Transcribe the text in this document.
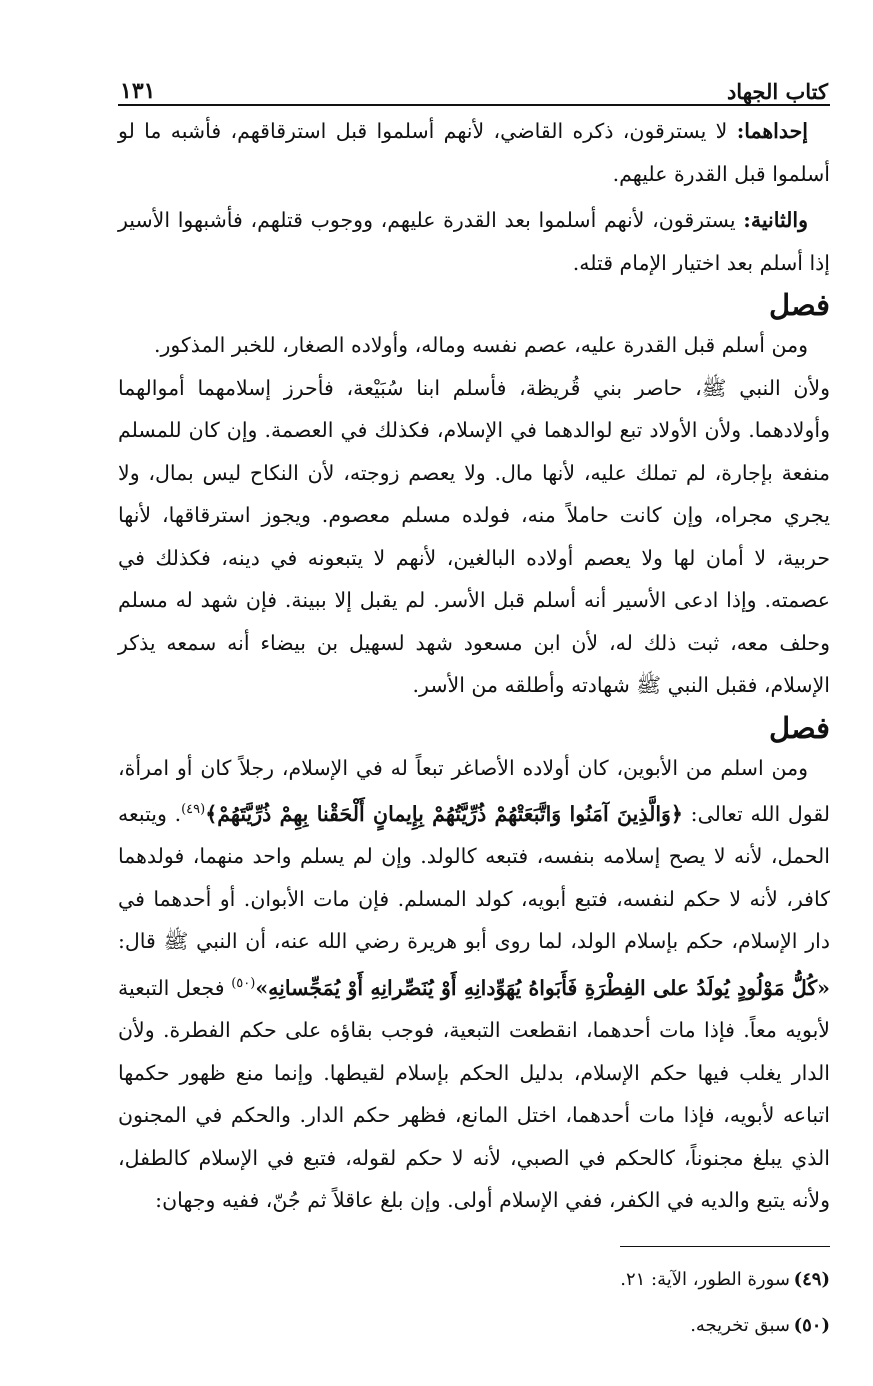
كتاب الجهاد
١٣١

إحداهما: لا يسترقون، ذكره القاضي، لأنهم أسلموا قبل استرقاقهم، فأشبه ما لو أسلموا قبل القدرة عليهم.

والثانية: يسترقون، لأنهم أسلموا بعد القدرة عليهم، ووجوب قتلهم، فأشبهوا الأسير إذا أسلم بعد اختيار الإمام قتله.

فصل

ومن أسلم قبل القدرة عليه، عصم نفسه وماله، وأولاده الصغار، للخبر المذكور.

ولأن النبي ﷺ، حاصر بني قُريظة، فأسلم ابنا سُبَيْعة، فأحرز إسلامهما أموالهما وأولادهما. ولأن الأولاد تبع لوالدهما في الإسلام، فكذلك في العصمة. وإن كان للمسلم منفعة بإجارة، لم تملك عليه، لأنها مال. ولا يعصم زوجته، لأن النكاح ليس بمال، ولا يجري مجراه، وإن كانت حاملاً منه، فولده مسلم معصوم. ويجوز استرقاقها، لأنها حربية، لا أمان لها ولا يعصم أولاده البالغين، لأنهم لا يتبعونه في دينه، فكذلك في عصمته. وإذا ادعى الأسير أنه أسلم قبل الأسر. لم يقبل إلا ببينة. فإن شهد له مسلم وحلف معه، ثبت ذلك له، لأن ابن مسعود شهد لسهيل بن بيضاء أنه سمعه يذكر الإسلام، فقبل النبي ﷺ شهادته وأطلقه من الأسر.

فصل

ومن اسلم من الأبوين، كان أولاده الأصاغر تبعاً له في الإسلام، رجلاً كان أو امرأة، لقول الله تعالى: ﴿وَالَّذِينَ آمَنُوا وَاتَّبَعَتْهُمْ ذُرِّيَّتُهُمْ بِإِيمانٍ أَلْحَقْنا بِهِمْ ذُرِّيَّتَهُمْ﴾$^{(٤٩)}$. ويتبعه الحمل، لأنه لا يصح إسلامه بنفسه، فتبعه كالولد. وإن لم يسلم واحد منهما، فولدهما كافر، لأنه لا حكم لنفسه، فتبع أبويه، كولد المسلم. فإن مات الأبوان. أو أحدهما في دار الإسلام، حكم بإسلام الولد، لما روى أبو هريرة رضي الله عنه، أن النبي ﷺ قال: «كُلُّ مَوْلُودٍ يُولَدُ على الفِطْرَةِ فَأَبَواهُ يُهَوِّدانِهِ أَوْ يُنَصِّرانِهِ أَوْ يُمَجِّسانِهِ»$^{(٥٠)}$ فجعل التبعية لأبويه معاً. فإذا مات أحدهما، انقطعت التبعية، فوجب بقاؤه على حكم الفطرة. ولأن الدار يغلب فيها حكم الإسلام، بدليل الحكم بإسلام لقيطها. وإنما منع ظهور حكمها اتباعه لأبويه، فإذا مات أحدهما، اختل المانع، فظهر حكم الدار. والحكم في المجنون الذي يبلغ مجنوناً، كالحكم في الصبي، لأنه لا حكم لقوله، فتبع في الإسلام كالطفل، ولأنه يتبع والديه في الكفر، ففي الإسلام أولى. وإن بلغ عاقلاً ثم جُنّ، ففيه وجهان:

(٤٩)سورة الطور، الآية: ٢١.

(٥٠)سبق تخريجه.
